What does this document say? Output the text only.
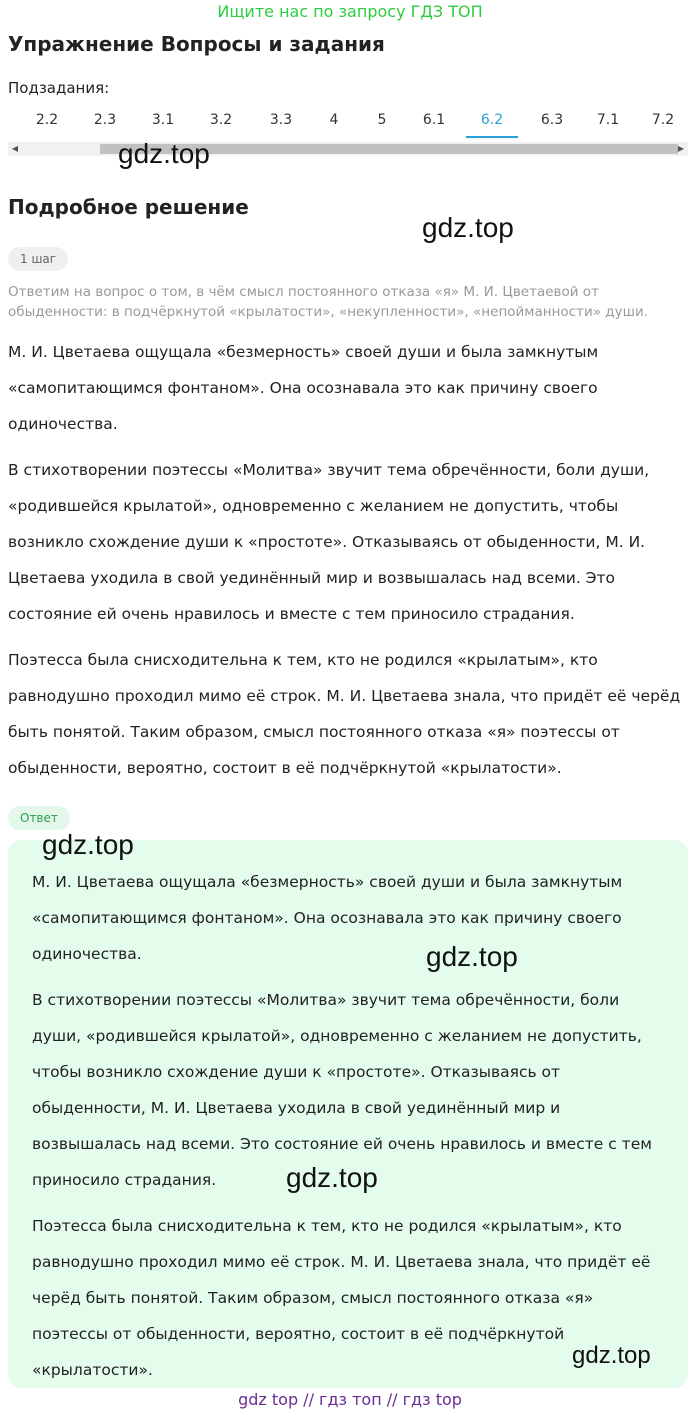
Ищите нас по запросу ГДЗ ТОП
Упражнение Вопросы и задания
Подзадания:
2.2	2.3	3.1	3.2	3.3	4	5	6.1	6.2	6.3	7.1	7.2
◀	▶
Подробное решение
1 шаг
Ответим на вопрос о том, в чём смысл постоянного отказа «я» М. И. Цветаевой от обыденности: в подчёркнутой «крылатости», «некупленности», «непойманности» души.

М. И. Цветаева ощущала «безмерность» своей души и была замкнутым «самопитающимся фонтаном». Она осознавала это как причину своего одиночества.

В стихотворении поэтессы «Молитва» звучит тема обречённости, боли души, «родившейся крылатой», одновременно с желанием не допустить, чтобы возникло схождение души к «простоте». Отказываясь от обыденности, М. И. Цветаева уходила в свой уединённый мир и возвышалась над всеми. Это состояние ей очень нравилось и вместе с тем приносило страдания.

Поэтесса была снисходительна к тем, кто не родился «крылатым», кто равнодушно проходил мимо её строк. М. И. Цветаева знала, что придёт её черёд быть понятой. Таким образом, смысл постоянного отказа «я» поэтессы от обыденности, вероятно, состоит в её подчёркнутой «крылатости».

Ответ

М. И. Цветаева ощущала «безмерность» своей души и была замкнутым «самопитающимся фонтаном». Она осознавала это как причину своего одиночества.

В стихотворении поэтессы «Молитва» звучит тема обречённости, боли души, «родившейся крылатой», одновременно с желанием не допустить, чтобы возникло схождение души к «простоте». Отказываясь от обыденности, М. И. Цветаева уходила в свой уединённый мир и возвышалась над всеми. Это состояние ей очень нравилось и вместе с тем приносило страдания.

Поэтесса была снисходительна к тем, кто не родился «крылатым», кто равнодушно проходил мимо её строк. М. И. Цветаева знала, что придёт её черёд быть понятой. Таким образом, смысл постоянного отказа «я» поэтессы от обыденности, вероятно, состоит в её подчёркнутой «крылатости».

gdz.top
gdz.top
gdz.top
gdz.top
gdz.top
gdz.top
gdz top // гдз топ // гдз top
